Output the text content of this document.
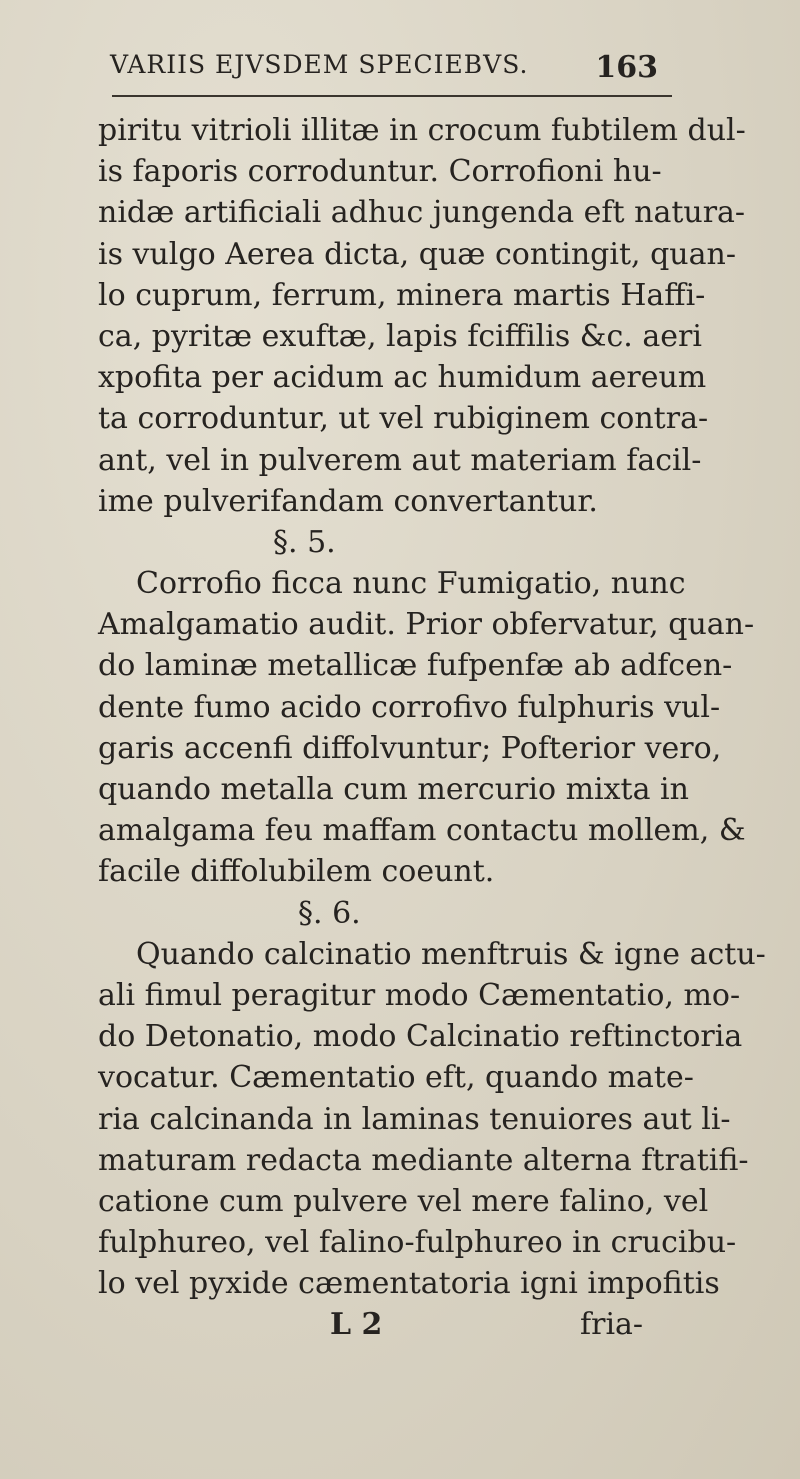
VARIIS EJVSDEM SPECIEBVS. 163
piritu vitrioli illitæ in crocum fubtilem dul-
is faporis corroduntur. Corrofioni hu-
nidæ artificiali adhuc jungenda eft natura-
is vulgo Aerea dicta, quæ contingit, quan-
lo cuprum, ferrum, minera martis Haffi-
ca, pyritæ exuftæ, lapis fciffilis &c. aeri
xpofita per acidum ac humidum aereum
ta corroduntur, ut vel rubiginem contra-
ant, vel in pulverem aut materiam facil-
ime pulverifandam convertantur.
§. 5.
Corrofio ficca nunc Fumigatio, nunc
Amalgamatio audit. Prior obfervatur, quan-
do laminæ metallicæ fufpenfæ ab adfcen-
dente fumo acido corrofivo fulphuris vul-
garis accenfi diffolvuntur; Pofterior vero,
quando metalla cum mercurio mixta in
amalgama feu maffam contactu mollem, &
facile diffolubilem coeunt.
§. 6.
Quando calcinatio menftruis & igne actu-
ali fimul peragitur modo Cæmentatio, mo-
do Detonatio, modo Calcinatio reftinctoria
vocatur. Cæmentatio eft, quando mate-
ria calcinanda in laminas tenuiores aut li-
maturam redacta mediante alterna ftratifi-
catione cum pulvere vel mere falino, vel
fulphureo, vel falino-fulphureo in crucibu-
lo vel pyxide cæmentatoria igni impofitis
L 2	fria-
